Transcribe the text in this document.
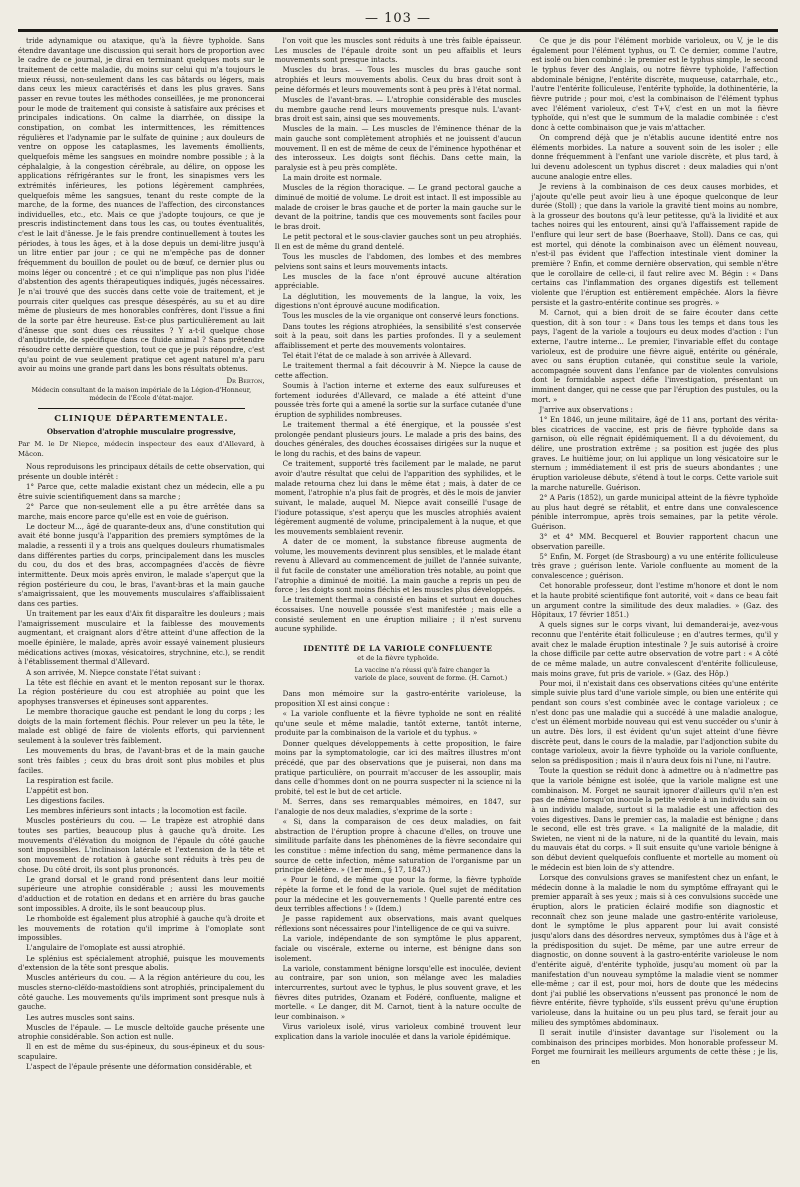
— 103 —

tride adynamique ou ataxique, qu'à la fièvre typhoïde. Sans étendre davantage une discussion qui serait hors de proportion avec le cadre de ce journal, je dirai en terminant quelques mots sur le traitement de cette maladie, du moins sur celui qui m'a toujours le mieux réussi, non-seulement dans les cas bâtards ou légers, mais dans ceux les mieux caractérisés et dans les plus graves. Sans passer en revue toutes les méthodes conseillées, je me prononcerai pour le mode de traitement qui consiste à satisfaire aux précises et principales indications. On calme la diarrhée, on dissipe la constipation, on combat les intermittences, les rémittences régulières et l'adynamie par le sulfate de quinine ; aux douleurs de ventre on oppose les cataplasmes, les lavements émollients, quelquefois même les sangsues en moindre nombre possible ; à la céphalalgie, à la congestion cérébrale, au délire, on oppose les applications réfrigérantes sur le front, les sinapismes vers les extrémités inférieures, les potions légèrement camphrées, quelquefois même les sangsues, tenant du reste compte de la marche, de la forme, des nuances de l'affection, des circonstances individuelles, etc., etc. Mais ce que j'adopte toujours, ce que je prescris indistinctement dans tous les cas, ou toutes éventualités, c'est le lait d'ânesse. Je le fais prendre continuellement à toutes les périodes, à tous les âges, et à la dose depuis un demi-litre jusqu'à un litre entier par jour ; ce qui ne m'empêche pas de donner fréquemment du bouillon de poulet ou de bœuf, ce dernier plus ou moins léger ou concentré ; et ce qui n'implique pas non plus l'idée d'abstention des agents thérapeutiques indiqués, jugés nécessaires. Je n'ai trouvé que des succès dans cette voie de traitement, et je pourrais citer quelques cas presque désespérés, au su et au dire même de plusieurs de mes honorables confrères, dont l'issue a fini de la sorte par être heureuse. Est-ce plus particulièrement au lait d'ânesse que sont dues ces réussites ? Y a-t-il quelque chose d'antiputride, de spécifique dans ce fluide animal ? Sans prétendre résoudre cette dernière question, tout ce que je puis répondre, c'est qu'au point de vue seulement pratique cet agent naturel m'a paru avoir au moins une grande part dans les bons résultats obtenus.

Dr Berton,
Médecin consultant de la maison impériale de la Légion-d'Honneur, médecin de l'École d'état-major.
CLINIQUE DÉPARTEMENTALE.
Observation d'atrophie musculaire progressive,
Par M. le Dr Niepce, médecin inspecteur des eaux d'Allevard, à Mâcon.

Nous reproduisons les principaux détails de cette observation, qui présente un double intérêt :

1° Parce que, cette maladie existant chez un médecin, elle a pu être suivie scientifiquement dans sa marche ;

2° Parce que non-seulement elle a pu être arrêtée dans sa marche, mais encore parce qu'elle est en voie de guérison.

Le docteur M..., âgé de quarante-deux ans, d'une constitution qui avait été bonne jusqu'à l'apparition des premiers symptômes de la maladie, a ressenti il y a trois ans quelques douleurs rhumatismales dans différentes parties du corps, principalement dans les muscles du cou, du dos et des bras, accompagnées d'accès de fièvre intermittente. Deux mois après environ, le malade s'aperçut que la région postérieure du cou, le bras, l'avant-bras et la main gauche s'amaigrissaient, que les mouvements musculaires s'affaiblissaient dans ces parties.

Un traitement par les eaux d'Aix fit disparaître les douleurs ; mais l'amaigrissement musculaire et la faiblesse des mouvements augmentant, et craignant alors d'être atteint d'une affection de la moelle épinière, le malade, après avoir essayé vainement plusieurs médications actives (moxas, vésicatoires, strychnine, etc.), se rendit à l'établissement thermal d'Allevard.

A son arrivée, M. Niepce constate l'état suivant :

La tête est fléchie en avant et le menton reposant sur le thorax. La région postérieure du cou est atrophiée au point que les apophyses transverses et épineuses sont apparentes.

Le membre thoracique gauche est pendant le long du corps ; les doigts de la main fortement fléchis. Pour relever un peu la tête, le malade est obligé de faire de violents efforts, qui parviennent seulement à la soulever très faiblement.

Les mouvements du bras, de l'avant-bras et de la main gauche sont très faibles ; ceux du bras droit sont plus mobiles et plus faciles.

La respiration est facile.

L'appétit est bon.

Les digestions faciles.

Les membres inférieurs sont intacts ; la locomotion est facile.

Muscles postérieurs du cou. — Le trapèze est atrophié dans toutes ses parties, beaucoup plus à gauche qu'à droite. Les mouvements d'élévation du moignon de l'épaule du côté gauche sont impossibles. L'inclinaison latérale et l'extension de la tête et son mouvement de rotation à gauche sont réduits à très peu de chose. Du côté droit, ils sont plus prononcés.

Le grand dorsal et le grand rond présentent dans leur moitié supérieure une atrophie considérable ; aussi les mouvements d'adduction et de rotation en dedans et en arrière du bras gauche sont impossibles. A droite, ils le sont beaucoup plus.

Le rhomboïde est également plus atrophié à gauche qu'à droite et les mouvements de rotation qu'il imprime à l'omoplate sont impossibles.

L'angulaire de l'omoplate est aussi atrophié.

Le splénius est spécialement atrophié, puisque les mouvements d'extension de la tête sont presque abolis.

Muscles antérieurs du cou. — A la région antérieure du cou, les muscles sterno-cléïdo-mastoïdiens sont atrophiés, principalement du côté gauche. Les mouvements qu'ils impriment sont presque nuls à gauche.

Les autres muscles sont sains.

Muscles de l'épaule. — Le muscle deltoïde gauche présente une atrophie considérable. Son action est nulle.

Il en est de même du sus-épineux, du sous-épineux et du sous-scapulaire.

L'aspect de l'épaule présente une déformation considérable, et

l'on voit que les muscles sont réduits à une très faible épaisseur. Les muscles de l'épaule droite sont un peu affaiblis et leurs mouvements sont presque intacts.

Muscles du bras. — Tous les muscles du bras gauche sont atrophiés et leurs mouvements abolis. Ceux du bras droit sont à peine déformés et leurs mouvements sont à peu près à l'état normal.

Muscles de l'avant-bras. — L'atrophie considérable des muscles du membre gauche rend leurs mouvements presque nuls. L'avant-bras droit est sain, ainsi que ses mouvements.

Muscles de la main. — Les muscles de l'éminence thénar de la main gauche sont complètement atrophiés et ne jouissent d'aucun mouvement. Il en est de même de ceux de l'éminence hypothénar et des interosseux. Les doigts sont fléchis. Dans cette main, la paralysie est à peu près complète.

La main droite est normale.

Muscles de la région thoracique. — Le grand pectoral gauche a diminué de moitié de volume. Le droit est intact. Il est impossible au malade de croiser le bras gauche et de porter la main gauche sur le devant de la poitrine, tandis que ces mouvements sont faciles pour le bras droit.

Le petit pectoral et le sous-clavier gauches sont un peu atrophiés. Il en est de même du grand dentelé.

Tous les muscles de l'abdomen, des lombes et des membres pelviens sont sains et leurs mouvements intacts.

Les muscles de la face n'ont éprouvé aucune altération appréciable.

La déglutition, les mouvements de la langue, la voix, les digestions n'ont éprouvé aucune modification.

Tous les muscles de la vie organique ont conservé leurs fonctions.

Dans toutes les régions atrophiées, la sensibilité s'est conservée soit à la peau, soit dans les parties profondes. Il y a seulement affaiblissement et perte des mouvements volontaires.

Tel était l'état de ce malade à son arrivée à Allevard.

Le traitement thermal a fait découvrir à M. Niepce la cause de cette affection.

Soumis à l'action interne et externe des eaux sulfureuses et fortement iodurées d'Allevard, ce malade a été atteint d'une poussée très forte qui a amené la sortie sur la surface cutanée d'une éruption de syphilides nombreuses.

Le traitement thermal a été énergique, et la poussée s'est prolongée pendant plusieurs jours. Le malade a pris des bains, des douches générales, des douches écossaises dirigées sur la nuque et le long du rachis, et des bains de vapeur.

Ce traitement, supporté très facilement par le malade, ne parut avoir d'autre résultat que celui de l'apparition des syphilides, et le malade retourna chez lui dans le même état ; mais, à dater de ce moment, l'atrophie n'a plus fait de progrès, et dès le mois de janvier suivant, le malade, auquel M. Niepce avait conseillé l'usage de l'iodure potassique, s'est aperçu que les muscles atrophiés avaient légèrement augmenté de volume, principalement à la nuque, et que les mouvements semblaient revenir.

A dater de ce moment, la substance fibreuse augmenta de volume, les mouvements devinrent plus sensibles, et le malade étant revenu à Allevard au commencement de juillet de l'année suivante, il fut facile de constater une amélioration très notable, au point que l'atrophie a diminué de moitié. La main gauche a repris un peu de force ; les doigts sont moins fléchis et les muscles plus développés.

Le traitement thermal a consisté en bains et surtout en douches écossaises. Une nouvelle poussée s'est manifestée ; mais elle a consisté seulement en une éruption miliaire ; il n'est survenu aucune syphilide.

IDENTITÉ DE LA VARIOLE CONFLUENTE
et de la fièvre typhoïde.
La vaccine n'a réussi qu'à faire changer la variole de place, souvent de forme. (H. Carnot.)

Dans mon mémoire sur la gastro-entérite varioleuse, la proposition XI est ainsi conçue :

« La variole confluente et la fièvre typhoïde ne sont en réalité qu'une seule et même maladie, tantôt externe, tantôt interne, produite par la combinaison de la variole et du typhus. »

Donner quelques développements à cette proposition, le faire moins par la symptomatologie, car ici des maîtres illustres m'ont précédé, que par des observations que je puiserai, non dans ma pratique particulière, on pourrait m'accuser de les assouplir, mais dans celle d'hommes dont on ne pourra suspecter ni la science ni la probité, tel est le but de cet article.

M. Serres, dans ses remarquables mémoires, en 1847, sur l'analogie de nos deux maladies, s'exprime de la sorte :

« Si, dans la comparaison de ces deux maladies, on fait abstraction de l'éruption propre à chacune d'elles, on trouve une similitude parfaite dans les phénomènes de la fièvre secondaire qui les constitue : même infection du sang, même permanence dans la source de cette infection, même saturation de l'organisme par un principe délétère. » (1er mém., § 17, 1847.)

« Pour le fond, de même que pour la forme, la fièvre typhoïde répète la forme et le fond de la variole. Quel sujet de méditation pour la médecine et les gouvernements ! Quelle parenté entre ces deux terribles affections ! » (Idem.)

Je passe rapidement aux observations, mais avant quelques réflexions sont nécessaires pour l'intelligence de ce qui va suivre.

La variole, indépendante de son symptôme le plus apparent, faciale ou viscérale, externe ou interne, est bénigne dans son isolement.

La variole, constamment bénigne lorsqu'elle est inoculée, devient au contraire, par son union, son mélange avec les maladies intercurrentes, surtout avec le typhus, le plus souvent grave, et les fièvres dites putrides, Ozanam et Fodéré, confluente, maligne et mortelle. « Le danger, dit M. Carnot, tient à la nature occulte de leur combinaison. »

Virus varioleux isolé, virus varioleux combiné trouvent leur explication dans la variole inoculée et dans la variole épidémique.

Ce que je dis pour l'élément morbide varioleux, ou V, je le dis également pour l'élément typhus, ou T. Ce dernier, comme l'autre, est isolé ou bien combiné : le premier est le typhus simple, le second le typhus fever des Anglais, ou notre fièvre typhoïde, l'affection abdominale bénigne, l'entérite discrète, muqueuse, catarrhale, etc., l'autre l'entérite folliculeuse, l'entérite typhoïde, la dothinentérie, la fièvre putride ; pour moi, c'est la combinaison de l'élément typhus avec l'élément varioleux, c'est T+V, c'est en un mot la fièvre typhoïde, qui n'est que le summum de la maladie combinée : c'est donc à cette combinaison que je vais m'attacher.

On comprend déjà que je n'établis aucune identité entre nos éléments morbides. La nature a souvent soin de les isoler ; elle donne fréquemment à l'enfant une variole discrète, et plus tard, à lui devenu adolescent un typhus discret : deux maladies qui n'ont aucune analogie entre elles.

Je reviens à la combinaison de ces deux causes morbides, et j'ajoute qu'elle peut avoir lieu à une époque quelconque de leur durée (Stoll) ; que dans la variole la gravité tient moins au nombre, à la grosseur des boutons qu'à leur petitesse, qu'à la lividité et aux taches noires qui les entourent, ainsi qu'à l'affaissement rapide de l'enflure qui leur sert de base (Boerhaave, Stoll). Dans ce cas, qui est mortel, qui dénote la combinaison avec un élément nouveau, n'est-il pas évident que l'affection intestinale vient dominer la première ? Enfin, et comme dernière observation, qui semble n'être que le corollaire de celle-ci, il faut relire avec M. Bégin : « Dans certains cas l'inflammation des organes digestifs est tellement violente que l'éruption est entièrement empêchée. Alors la fièvre persiste et la gastro-entérite continue ses progrès. »

M. Carnot, qui a bien droit de se faire écouter dans cette question, dit à son tour : « Dans tous les temps et dans tous les pays, l'agent de la variole a toujours eu deux modes d'action : l'un externe, l'autre interne... Le premier, l'invariable effet du contage varioleux, est de produire une fièvre aiguë, entérite ou générale, avec ou sans éruption cutanée, qui constitue seule la variole, accompagnée souvent dans l'enfance par de violentes convulsions dont le formidable aspect défie l'investigation, présentant un imminent danger, qui ne cesse que par l'éruption des pustules, ou la mort. »

J'arrive aux observations :

1° En 1846, un jeune militaire, âgé de 11 ans, portant des vérita-bles cicatrices de vaccine, est pris de fièvre typhoïde dans sa garnison, où elle régnait épidémiquement. Il a du dévoiement, du délire, une prostration extrême ; sa position est jugée des plus graves. Le huitième jour, on lui applique un long vésicatoire sur le sternum ; immédiatement il est pris de sueurs abondantes ; une éruption varioleuse débute, s'étend à tout le corps. Cette variole suit la marche naturelle. Guérison.

2° A Paris (1852), un garde municipal atteint de la fièvre typhoïde au plus haut degré se rétablit, et entre dans une convalescence pénible interrompue, après trois semaines, par la petite vérole. Guérison.

3° et 4° MM. Becquerel et Bouvier rapportent chacun une observation pareille.

5° Enfin, M. Forget (de Strasbourg) a vu une entérite folliculeuse très grave ; guérison lente. Variole confluente au moment de la convalescence ; guérison.

Cet honorable professeur, dont l'estime m'honore et dont le nom et la haute probité scientifique font autorité, voit « dans ce beau fait un argument contre la similitude des deux maladies. » (Gaz. des Hôpitaux, 17 février 1851.)

A quels signes sur le corps vivant, lui demanderai-je, avez-vous reconnu que l'entérite était folliculeuse ; en d'autres termes, qu'il y avait chez le malade éruption intestinale ? Je suis autorisé à croire la chose difficile par cette autre observation de votre part : « A côté de ce même malade, un autre convalescent d'entérite folliculeuse, mais moins grave, fut pris de variole. » (Gaz. des Hôp.)

Pour moi, il n'existait dans ces observations citées qu'une entérite simple suivie plus tard d'une variole simple, ou bien une entérite qui pendant son cours s'est combinée avec le contage varioleux ; ce n'est donc pas une maladie qui a succédé à une maladie analogue, c'est un élément morbide nouveau qui est venu succéder ou s'unir à un autre. Dès lors, il est évident qu'un sujet atteint d'une fièvre discrète peut, dans le cours de la maladie, par l'adjonction subite du contage varioleux, avoir la fièvre typhoïde ou la variole confluente, selon sa prédisposition ; mais il n'aura deux fois ni l'une, ni l'autre.

Toute la question se réduit donc à admettre ou à n'admettre pas que la variole bénigne est isolée, que la variole maligne est une combinaison. M. Forget ne saurait ignorer d'ailleurs qu'il n'en est pas de même lorsqu'on inocule la petite vérole à un individu sain ou à un individu malade, surtout si la maladie est une affection des voies digestives. Dans le premier cas, la maladie est bénigne ; dans le second, elle est très grave. « La malignité de la maladie, dit Swieten, ne vient ni de la nature, ni de la quantité du levain, mais du mauvais état du corps. » Il suit ensuite qu'une variole bénigne à son début devient quelquefois confluente et mortelle au moment où le médecin est bien loin de s'y attendre.

Lorsque des convulsions graves se manifestent chez un enfant, le médecin donne à la maladie le nom du symptôme effrayant qui le premier apparaît à ses yeux ; mais si à ces convulsions succède une éruption, alors le praticien éclairé modifie son diagnostic et reconnaît chez son jeune malade une gastro-entérite varioleuse, dont le symptôme le plus apparent pour lui avait consisté jusqu'alors dans des désordres nerveux, symptômes dus à l'âge et à la prédisposition du sujet. De même, par une autre erreur de diagnostic, on donne souvent à la gastro-entérite varioleuse le nom d'entérite aiguë, d'entérite typhoïde, jusqu'au moment où par la manifestation d'un nouveau symptôme la maladie vient se nommer elle-même ; car il est, pour moi, hors de doute que les médecins dont j'ai publié les observations n'eussent pas prononcé le nom de fièvre entérite, fièvre typhoïde, s'ils eussent prévu qu'une éruption varioleuse, dans la huitaine ou un peu plus tard, se ferait jour au milieu des symptômes abdominaux.

Il serait inutile d'insister davantage sur l'isolement ou la combinaison des principes morbides. Mon honorable professeur M. Forget me fournirait les meilleurs arguments de cette thèse ; je lis, en
